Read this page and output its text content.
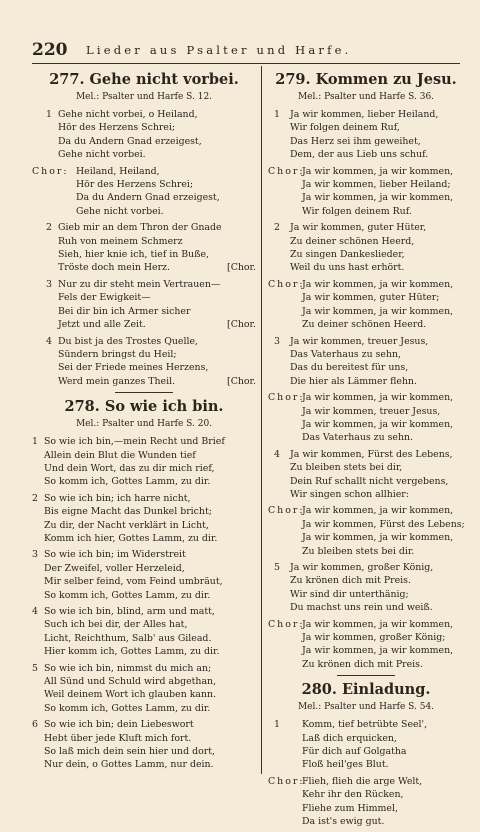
220 Lieder aus Psalter und Harfe.
277. Gehe nicht vorbei.
Mel.: Psalter und Harfe S. 12.
1 Gehe nicht vorbei, o Heiland,
Hör des Herzens Schrei;
Da du Andern Gnad erzeigest,
Gehe nicht vorbei.
Chor: Heiland, Heiland,
Hör des Herzens Schrei;
Da du Andern Gnad erzeigest,
Gehe nicht vorbei.
2 Gieb mir an dem Thron der Gnade
Ruh von meinem Schmerz
Sieh, hier knie ich, tief in Buße,
Tröste doch mein Herz.	[Chor.
3 Nur zu dir steht mein Vertrauen—
Fels der Ewigkeit—
Bei dir bin ich Armer sicher
Jetzt und alle Zeit.	[Chor.
4 Du bist ja des Trostes Quelle,
Sündern bringst du Heil;
Sei der Friede meines Herzens,
Werd mein ganzes Theil.	[Chor.
278. So wie ich bin.
Mel.: Psalter und Harfe S. 20.
1 So wie ich bin,—mein Recht und Brief
Allein dein Blut die Wunden tief
Und dein Wort, das zu dir mich rief,
So komm ich, Gottes Lamm, zu dir.
2 So wie ich bin; ich harre nicht,
Bis eigne Macht das Dunkel bricht;
Zu dir, der Nacht verklärt in Licht,
Komm ich hier, Gottes Lamm, zu dir.
3 So wie ich bin; im Widerstreit
Der Zweifel, voller Herzeleid,
Mir selber feind, vom Feind umbräut,
So komm ich, Gottes Lamm, zu dir.
4 So wie ich bin, blind, arm und matt,
Such ich bei dir, der Alles hat,
Licht, Reichthum, Salb' aus Gilead.
Hier komm ich, Gottes Lamm, zu dir.
5 So wie ich bin, nimmst du mich an;
All Sünd und Schuld wird abgethan,
Weil deinem Wort ich glauben kann.
So komm ich, Gottes Lamm, zu dir.
6 So wie ich bin; dein Liebeswort
Hebt über jede Kluft mich fort.
So laß mich dein sein hier und dort,
Nur dein, o Gottes Lamm, nur dein.
279. Kommen zu Jesu.
Mel.: Psalter und Harfe S. 36.
1	Ja wir kommen, lieber Heiland,
Wir folgen deinem Ruf,
Das Herz sei ihm geweihet,
Dem, der aus Lieb uns schuf.
Chor:
Ja wir kommen, ja wir kommen,
Ja wir kommen, lieber Heiland;
Ja wir kommen, ja wir kommen,
Wir folgen deinem Ruf.
2	Ja wir kommen, guter Hüter,
Zu deiner schönen Heerd,
Zu singen Dankeslieder,
Weil du uns hast erhört.
Chor:
Ja wir kommen, ja wir kommen,
Ja wir kommen, guter Hüter;
Ja wir kommen, ja wir kommen,
Zu deiner schönen Heerd.
3	Ja wir kommen, treuer Jesus,
Das Vaterhaus zu sehn,
Das du bereitest für uns,
Die hier als Lämmer flehn.
Chor:
Ja wir kommen, ja wir kommen,
Ja wir kommen, treuer Jesus,
Ja wir kommen, ja wir kommen,
Das Vaterhaus zu sehn.
4	Ja wir kommen, Fürst des Lebens,
Zu bleiben stets bei dir,
Dein Ruf schallt nicht vergebens,
Wir singen schon allhier:
Chor:
Ja wir kommen, ja wir kommen,
Ja wir kommen, Fürst des Lebens;
Ja wir kommen, ja wir kommen,
Zu bleiben stets bei dir.
5	Ja wir kommen, großer König,
Zu krönen dich mit Preis.
Wir sind dir unterthänig;
Du machst uns rein und weiß.
Chor:
Ja wir kommen, ja wir kommen,
Ja wir kommen, großer König;
Ja wir kommen, ja wir kommen,
Zu krönen dich mit Preis.
280. Einladung.
Mel.: Psalter und Harfe S. 54.
1	Komm, tief betrübte Seel',
Laß dich erquicken,
Für dich auf Golgatha
Floß heil'ges Blut.
Chor:
Flieh, flieh die arge Welt,
Kehr ihr den Rücken,
Fliehe zum Himmel,
Da ist's ewig gut.
